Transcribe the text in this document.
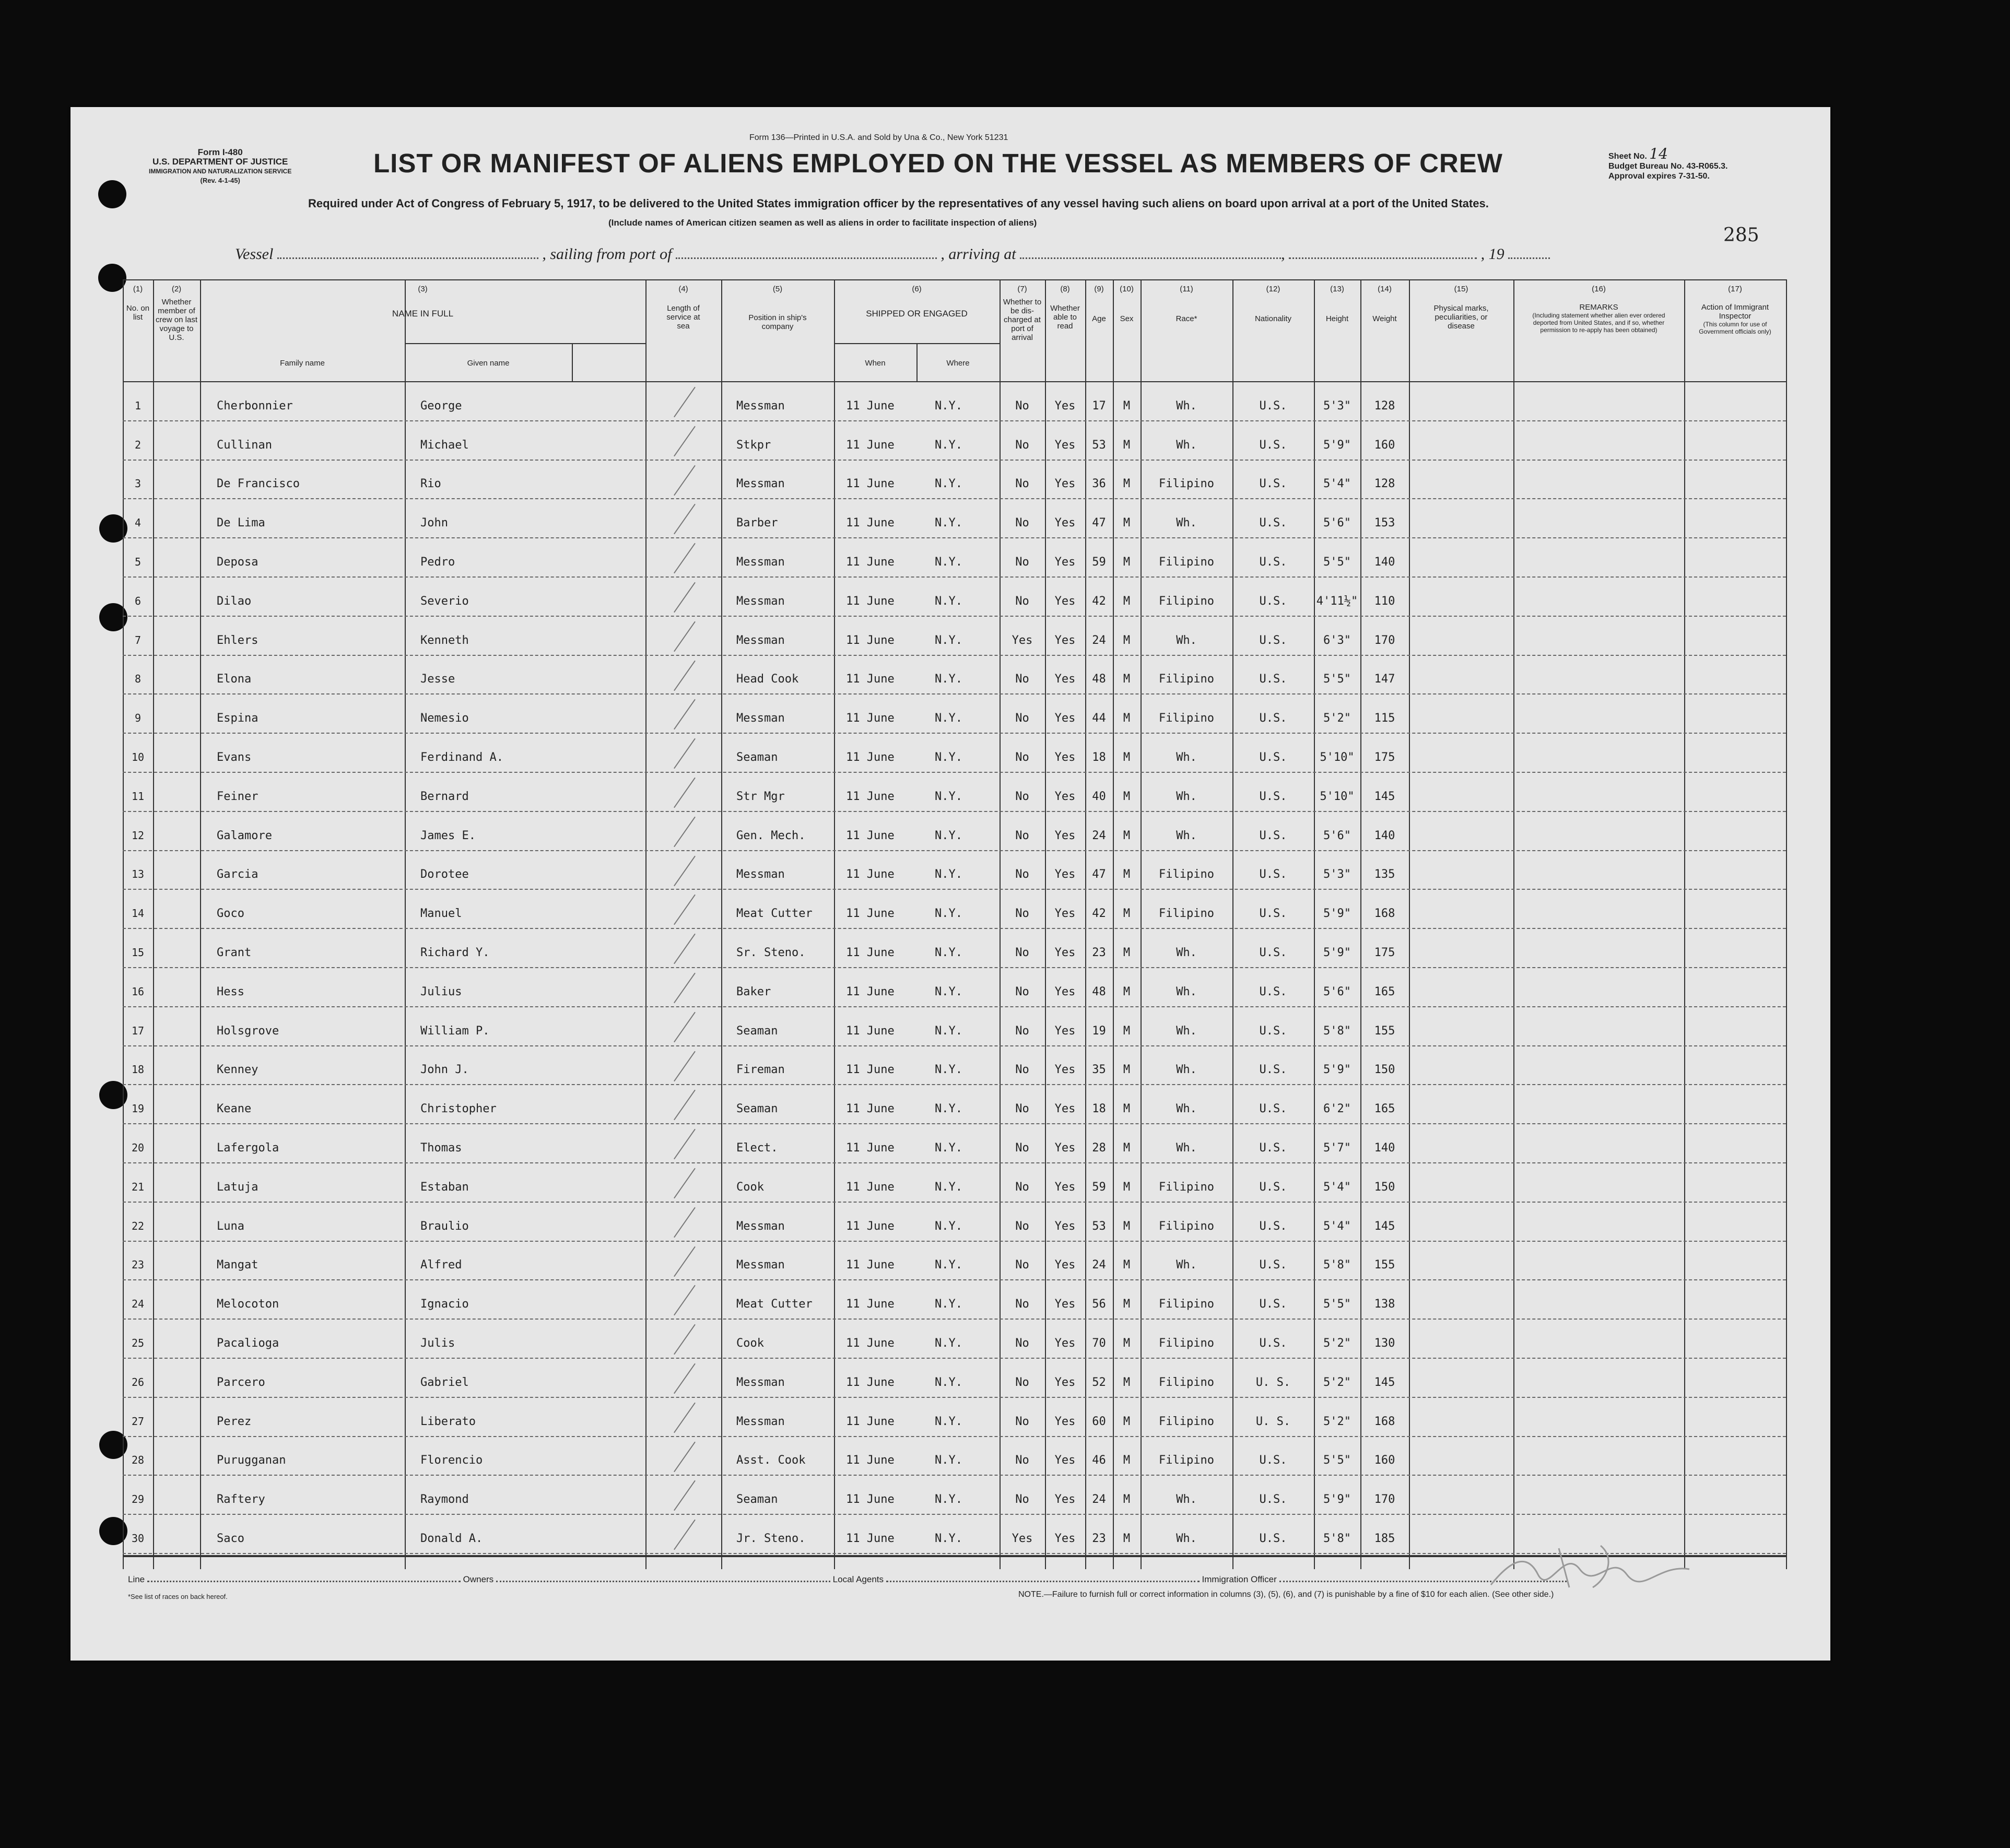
Form I-480
U.S. DEPARTMENT OF JUSTICE
IMMIGRATION AND NATURALIZATION SERVICE
(Rev. 4-1-45)
Form 136—Printed in U.S.A. and Sold by Una & Co., New York 51231
LIST OR MANIFEST OF ALIENS EMPLOYED ON THE VESSEL AS MEMBERS OF CREW	Sheet No. 14
Budget Bureau No. 43-R065.3.
Approval expires 7-31-50.
Required under Act of Congress of February 5, 1917, to be delivered to the United States immigration officer by the representatives of any vessel having such aliens on board upon arrival at a port of the United States.
(Include names of American citizen seamen as well as aliens in order to facilitate inspection of aliens)
285
Vessel	, sailing from port of	, arriving at	,	, 19
(1)
No. on list
(2)
Whether member of crew on last voyage to U.S.
(3)
NAME IN FULL
Family name	Given name
(4)
Length of service at sea
(5)
Position in ship's company
(6)
SHIPPED OR ENGAGED
When	Where
(7)
Whether to be dis-charged at port of arrival
(8)
Whether able to read
(9)
Age
(10)
Sex
(11)
Race*
(12)
Nationality
(13)
Height
(14)
Weight
(15)
Physical marks, peculiarities, or disease
(16)
REMARKS
(Including statement whether alien ever ordered deported from United States, and if so, whether permission to re-apply has been obtained)
(17)
Action of Immigrant Inspector
(This column for use of Government officials only)
1	Cherbonnier	George	Messman	11 June	N.Y.	No	Yes	17	M	Wh.	U.S.	5'3"	128
2	Cullinan	Michael	Stkpr	11 June	N.Y.	No	Yes	53	M	Wh.	U.S.	5'9"	160
3	De Francisco	Rio	Messman	11 June	N.Y.	No	Yes	36	M	Filipino	U.S.	5'4"	128
4	De Lima	John	Barber	11 June	N.Y.	No	Yes	47	M	Wh.	U.S.	5'6"	153
5	Deposa	Pedro	Messman	11 June	N.Y.	No	Yes	59	M	Filipino	U.S.	5'5"	140
6	Dilao	Severio	Messman	11 June	N.Y.	No	Yes	42	M	Filipino	U.S.	4'11½"	110
7	Ehlers	Kenneth	Messman	11 June	N.Y.	Yes	Yes	24	M	Wh.	U.S.	6'3"	170
8	Elona	Jesse	Head Cook	11 June	N.Y.	No	Yes	48	M	Filipino	U.S.	5'5"	147
9	Espina	Nemesio	Messman	11 June	N.Y.	No	Yes	44	M	Filipino	U.S.	5'2"	115
10	Evans	Ferdinand A.	Seaman	11 June	N.Y.	No	Yes	18	M	Wh.	U.S.	5'10"	175
11	Feiner	Bernard	Str Mgr	11 June	N.Y.	No	Yes	40	M	Wh.	U.S.	5'10"	145
12	Galamore	James E.	Gen. Mech.	11 June	N.Y.	No	Yes	24	M	Wh.	U.S.	5'6"	140
13	Garcia	Dorotee	Messman	11 June	N.Y.	No	Yes	47	M	Filipino	U.S.	5'3"	135
14	Goco	Manuel	Meat Cutter	11 June	N.Y.	No	Yes	42	M	Filipino	U.S.	5'9"	168
15	Grant	Richard Y.	Sr. Steno.	11 June	N.Y.	No	Yes	23	M	Wh.	U.S.	5'9"	175
16	Hess	Julius	Baker	11 June	N.Y.	No	Yes	48	M	Wh.	U.S.	5'6"	165
17	Holsgrove	William P.	Seaman	11 June	N.Y.	No	Yes	19	M	Wh.	U.S.	5'8"	155
18	Kenney	John J.	Fireman	11 June	N.Y.	No	Yes	35	M	Wh.	U.S.	5'9"	150
19	Keane	Christopher	Seaman	11 June	N.Y.	No	Yes	18	M	Wh.	U.S.	6'2"	165
20	Lafergola	Thomas	Elect.	11 June	N.Y.	No	Yes	28	M	Wh.	U.S.	5'7"	140
21	Latuja	Estaban	Cook	11 June	N.Y.	No	Yes	59	M	Filipino	U.S.	5'4"	150
22	Luna	Braulio	Messman	11 June	N.Y.	No	Yes	53	M	Filipino	U.S.	5'4"	145
23	Mangat	Alfred	Messman	11 June	N.Y.	No	Yes	24	M	Wh.	U.S.	5'8"	155
24	Melocoton	Ignacio	Meat Cutter	11 June	N.Y.	No	Yes	56	M	Filipino	U.S.	5'5"	138
25	Pacalioga	Julis	Cook	11 June	N.Y.	No	Yes	70	M	Filipino	U.S.	5'2"	130
26	Parcero	Gabriel	Messman	11 June	N.Y.	No	Yes	52	M	Filipino	U. S.	5'2"	145
27	Perez	Liberato	Messman	11 June	N.Y.	No	Yes	60	M	Filipino	U. S.	5'2"	168
28	Purugganan	Florencio	Asst. Cook	11 June	N.Y.	No	Yes	46	M	Filipino	U.S.	5'5"	160
29	Raftery	Raymond	Seaman	11 June	N.Y.	No	Yes	24	M	Wh.	U.S.	5'9"	170
30	Saco	Donald A.	Jr. Steno.	11 June	N.Y.	Yes	Yes	23	M	Wh.	U.S.	5'8"	185
Line	Owners	Local Agents	Immigration Officer
*See list of races on back hereof.	NOTE.—Failure to furnish full or correct information in columns (3), (5), (6), and (7) is punishable by a fine of $10 for each alien. (See other side.)
